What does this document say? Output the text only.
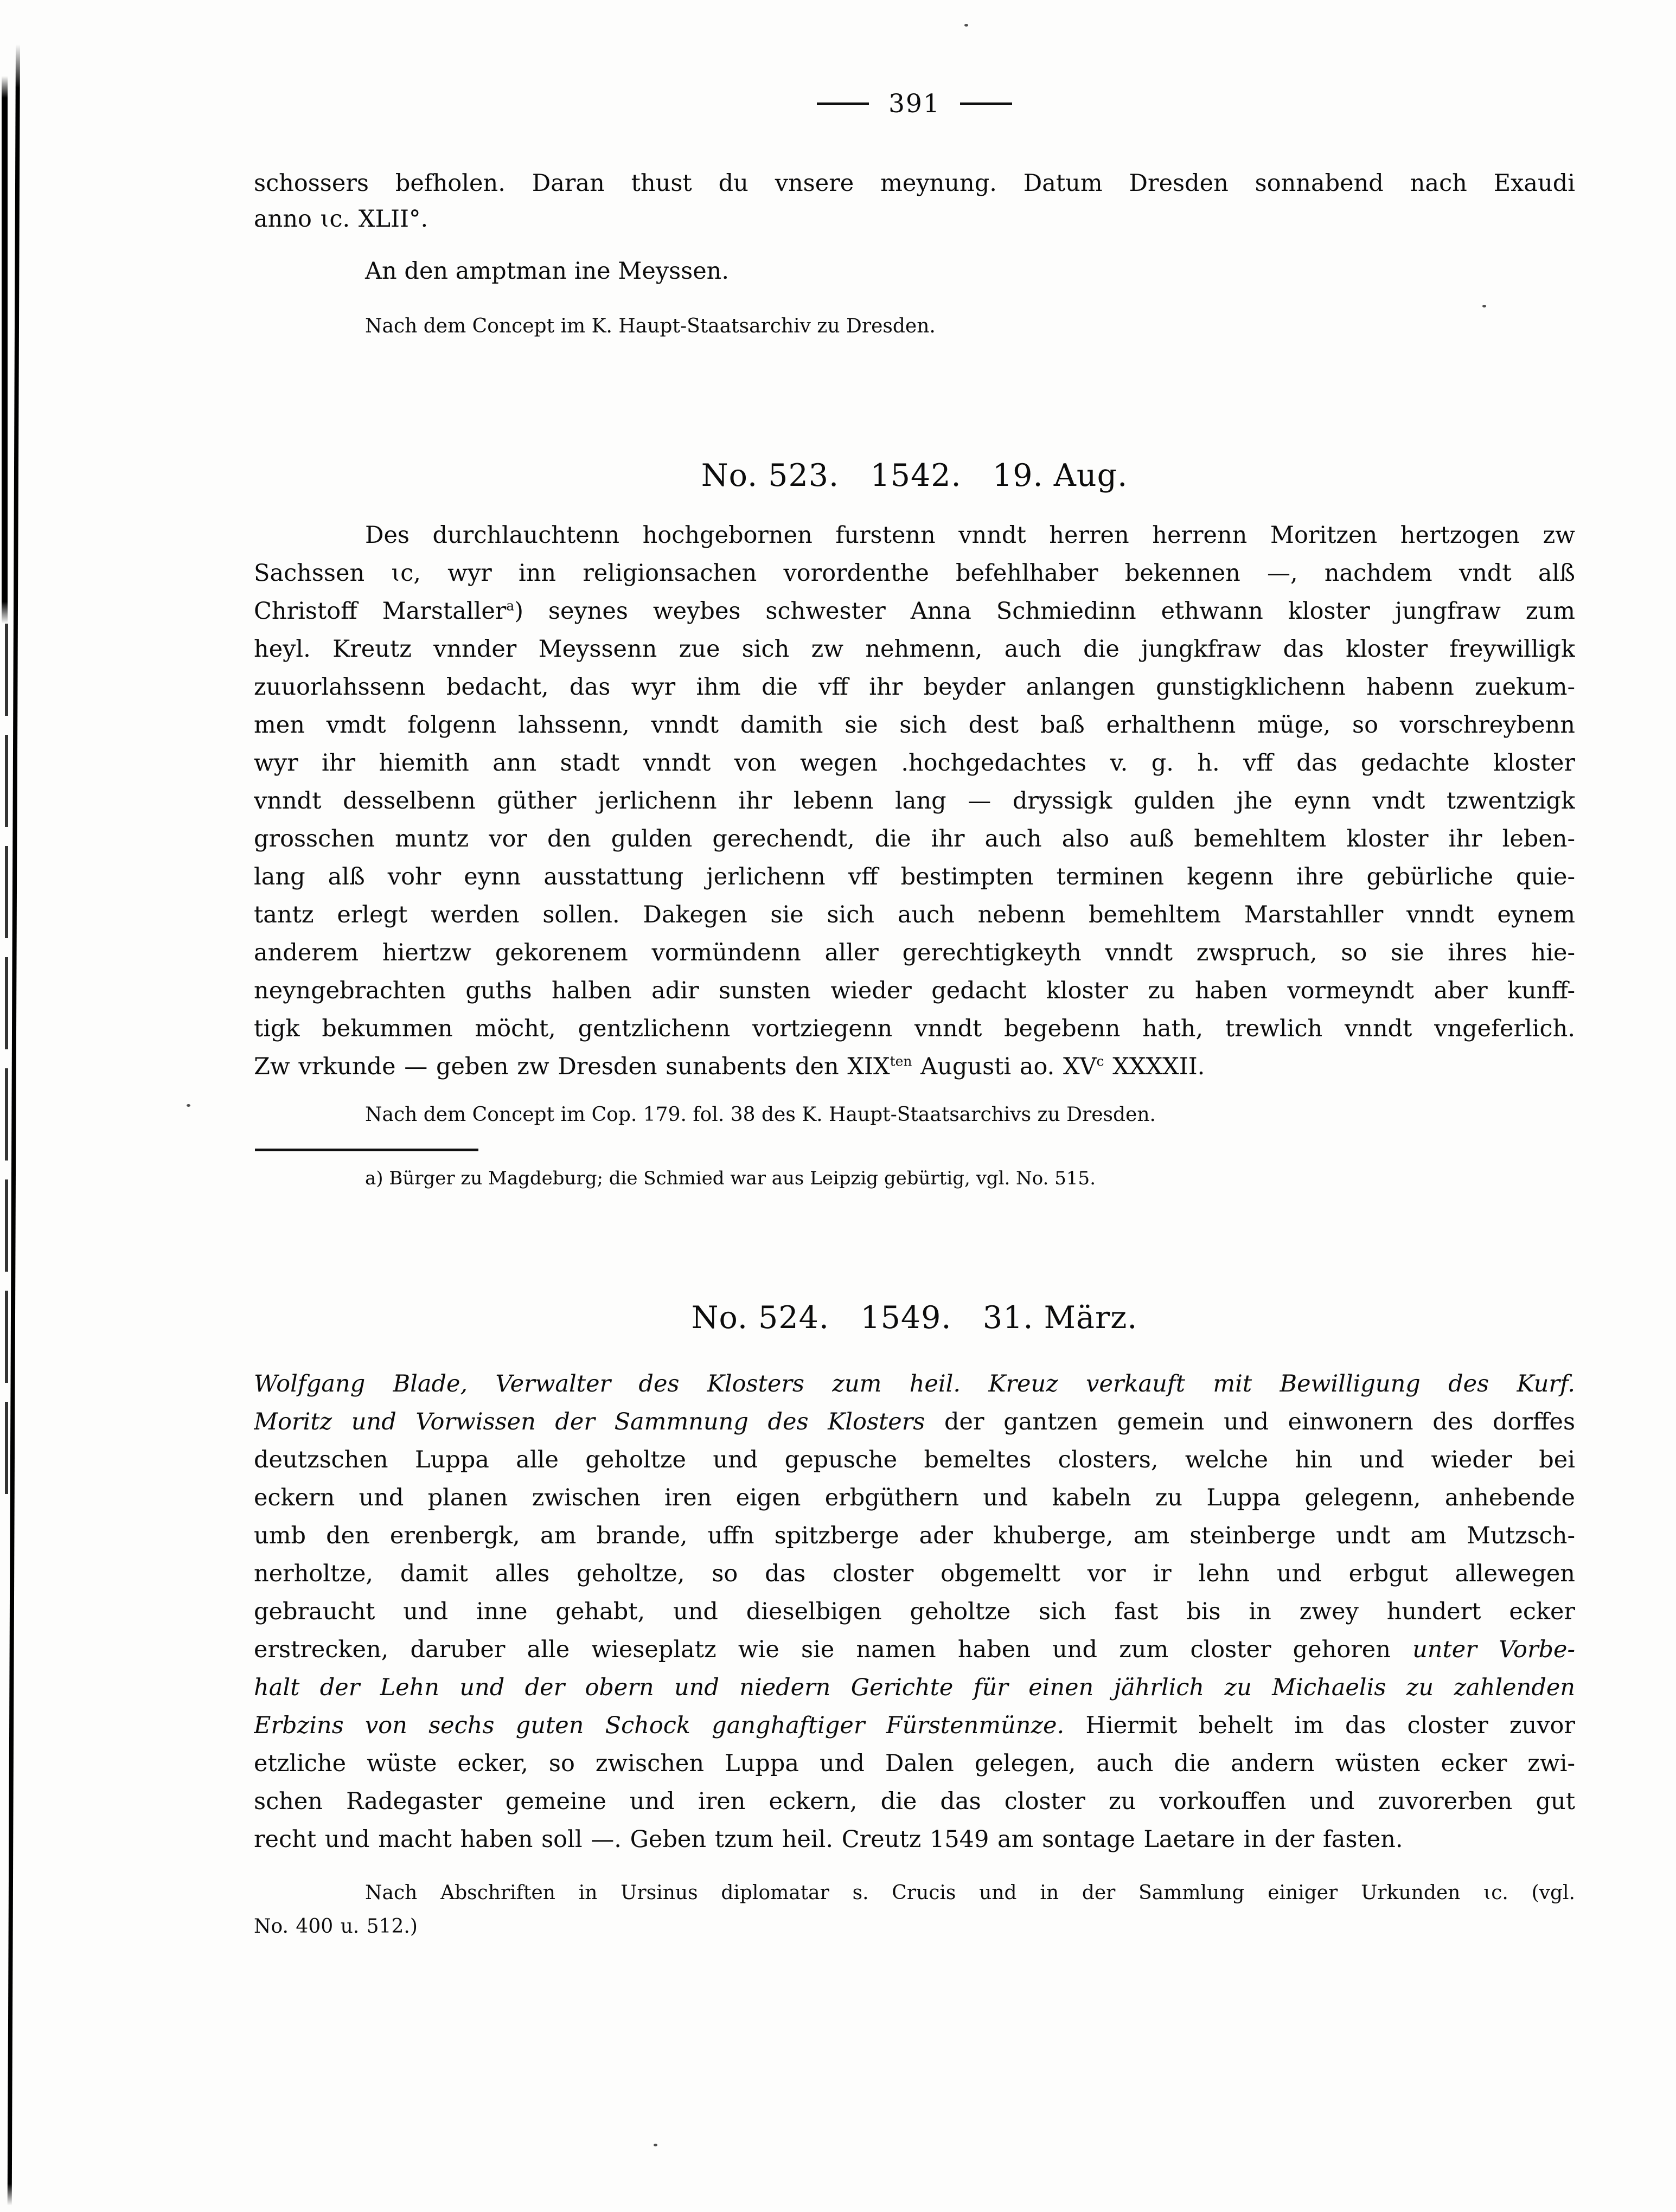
391
schossers befholen. Daran thust du vnsere meynung. Datum Dresden sonnabend nach Exaudi
anno ɩc. XLII°.
An den amptman ine Meyssen.
Nach dem Concept im K. Haupt-Staatsarchiv zu Dresden.
No. 523.   1542.   19. Aug.
Des durchlauchtenn hochgebornen furstenn vnndt herren herrenn Moritzen hertzogen zw
Sachssen ɩc, wyr inn religionsachen vorordenthe befehlhaber bekennen —, nachdem vndt alß
Christoff Marstaller$^a$) seynes weybes schwester Anna Schmiedinn ethwann kloster jungfraw zum
heyl. Kreutz vnnder Meyssenn zue sich zw nehmenn, auch die jungkfraw das kloster freywilligk
zuuorlahssenn bedacht, das wyr ihm die vff ihr beyder anlangen gunstigklichenn habenn zuekum-
men vmdt folgenn lahssenn, vnndt damith sie sich dest baß erhalthenn müge, so vorschreybenn
wyr ihr hiemith ann stadt vnndt von wegen .hochgedachtes v. g. h. vff das gedachte kloster
vnndt desselbenn güther jerlichenn ihr lebenn lang — dryssigk gulden jhe eynn vndt tzwentzigk
grosschen muntz vor den gulden gerechendt, die ihr auch also auß bemehltem kloster ihr leben-
lang alß vohr eynn ausstattung jerlichenn vff bestimpten terminen kegenn ihre gebürliche quie-
tantz erlegt werden sollen. Dakegen sie sich auch nebenn bemehltem Marstahller vnndt eynem
anderem hiertzw gekorenem vormündenn aller gerechtigkeyth vnndt zwspruch, so sie ihres hie-
neyngebrachten guths halben adir sunsten wieder gedacht kloster zu haben vormeyndt aber kunff-
tigk bekummen möcht, gentzlichenn vortziegenn vnndt begebenn hath, trewlich vnndt vngeferlich.
Zw vrkunde — geben zw Dresden sunabents den $XIX^{ten}$ Augusti ao. $XV^c$ XXXXII.
Nach dem Concept im Cop. 179. fol. 38 des K. Haupt-Staatsarchivs zu Dresden.
a) Bürger zu Magdeburg; die Schmied war aus Leipzig gebürtig, vgl. No. 515.
No. 524.   1549.   31. März.
Wolfgang Blade, Verwalter des Klosters zum heil. Kreuz verkauft mit Bewilligung des Kurf.
Moritz und Vorwissen der Sammnung des Klosters der gantzen gemein und einwonern des dorffes
deutzschen Luppa alle geholtze und gepusche bemeltes closters, welche hin und wieder bei
eckern und planen zwischen iren eigen erbgüthern und kabeln zu Luppa gelegenn, anhebende
umb den erenbergk, am brande, uffn spitzberge ader khuberge, am steinberge undt am Mutzsch-
nerholtze, damit alles geholtze, so das closter obgemeltt vor ir lehn und erbgut allewegen
gebraucht und inne gehabt, und dieselbigen geholtze sich fast bis in zwey hundert ecker
erstrecken, daruber alle wieseplatz wie sie namen haben und zum closter gehoren unter Vorbe-
halt der Lehn und der obern und niedern Gerichte für einen jährlich zu Michaelis zu zahlenden
Erbzins von sechs guten Schock ganghaftiger Fürstenmünze. Hiermit behelt im das closter zuvor
etzliche wüste ecker, so zwischen Luppa und Dalen gelegen, auch die andern wüsten ecker zwi-
schen Radegaster gemeine und iren eckern, die das closter zu vorkouffen und zuvorerben gut
recht und macht haben soll —. Geben tzum heil. Creutz 1549 am sontage Laetare in der fasten.
Nach Abschriften in Ursinus diplomatar s. Crucis und in der Sammlung einiger Urkunden ɩc. (vgl.
No. 400 u. 512.)
